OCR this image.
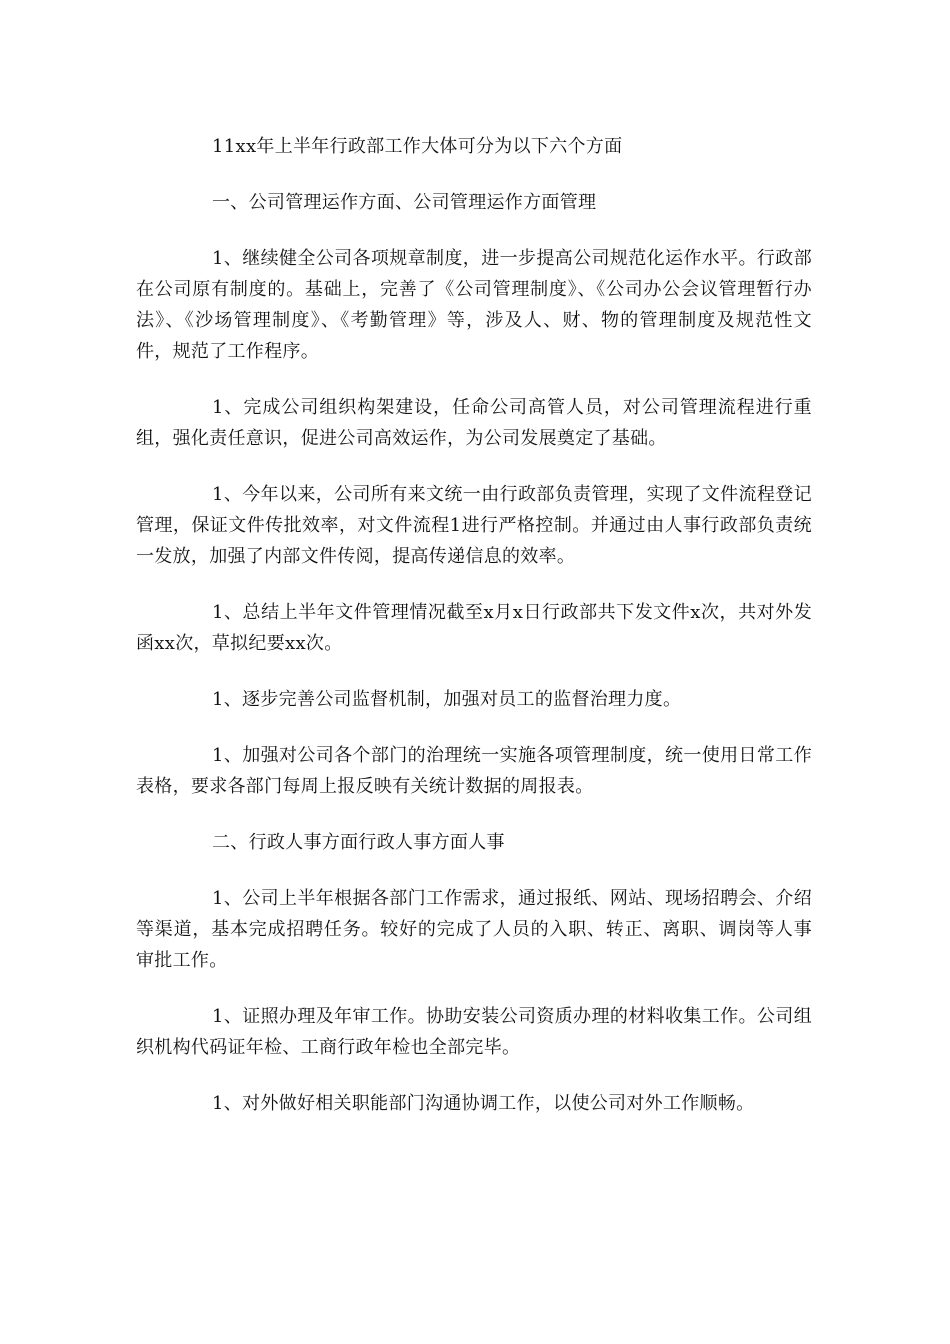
11xx年上半年行政部工作大体可分为以下六个方面

一、公司管理运作方面、公司管理运作方面管理

1、继续健全公司各项规章制度，进一步提高公司规范化运作水平。行政部在公司原有制度的。基础上，完善了《公司管理制度》、《公司办公会议管理暂行办法》、《沙场管理制度》、《考勤管理》等，涉及人、财、物的管理制度及规范性文件，规范了工作程序。

1、完成公司组织构架建设，任命公司高管人员，对公司管理流程进行重组，强化责任意识，促进公司高效运作，为公司发展奠定了基础。

1、今年以来，公司所有来文统一由行政部负责管理，实现了文件流程登记管理，保证文件传批效率，对文件流程1进行严格控制。并通过由人事行政部负责统一发放，加强了内部文件传阅，提高传递信息的效率。

1、总结上半年文件管理情况截至x月x日行政部共下发文件x次，共对外发函xx次，草拟纪要xx次。

1、逐步完善公司监督机制，加强对员工的监督治理力度。

1、加强对公司各个部门的治理统一实施各项管理制度，统一使用日常工作表格，要求各部门每周上报反映有关统计数据的周报表。

二、行政人事方面行政人事方面人事

1、公司上半年根据各部门工作需求，通过报纸、网站、现场招聘会、介绍等渠道，基本完成招聘任务。较好的完成了人员的入职、转正、离职、调岗等人事审批工作。

1、证照办理及年审工作。协助安装公司资质办理的材料收集工作。公司组织机构代码证年检、工商行政年检也全部完毕。

1、对外做好相关职能部门沟通协调工作，以使公司对外工作顺畅。
